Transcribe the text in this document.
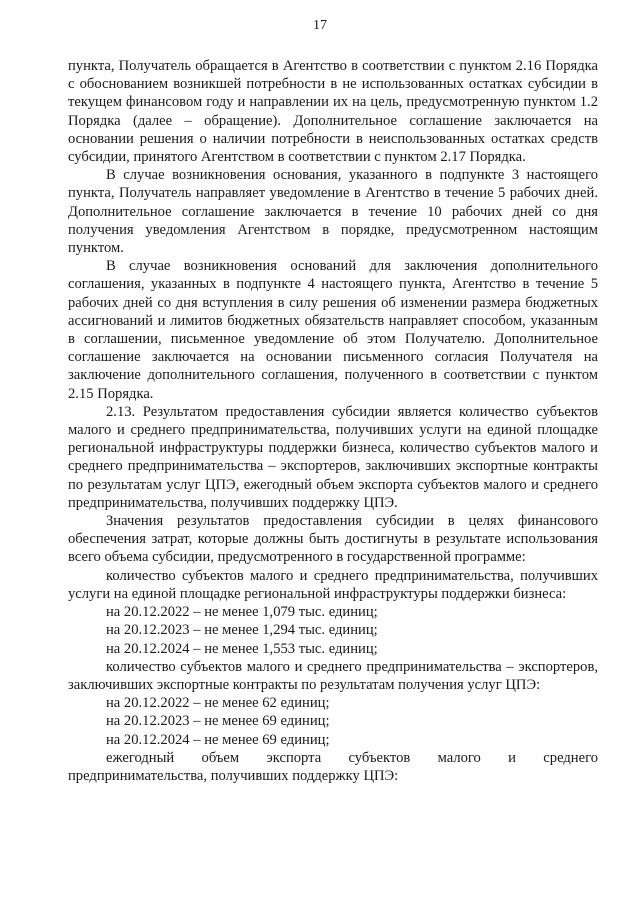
17

пункта, Получатель обращается в Агентство в соответствии с пунктом 2.16 Порядка с обоснованием возникшей потребности в не использованных остатках субсидии в текущем финансовом году и направлении их на цель, предусмотренную пунктом 1.2 Порядка (далее – обращение). Дополнительное соглашение заключается на основании решения о наличии потребности в неиспользованных остатках средств субсидии, принятого Агентством в соответствии с пунктом 2.17 Порядка.

В случае возникновения основания, указанного в подпункте 3 настоящего пункта, Получатель направляет уведомление в Агентство в течение 5 рабочих дней. Дополнительное соглашение заключается в течение 10 рабочих дней со дня получения уведомления Агентством в порядке, предусмотренном настоящим пунктом.

В случае возникновения оснований для заключения дополнительного соглашения, указанных в подпункте 4 настоящего пункта, Агентство в течение 5 рабочих дней со дня вступления в силу решения об изменении размера бюджетных ассигнований и лимитов бюджетных обязательств направляет способом, указанным в соглашении, письменное уведомление об этом Получателю. Дополнительное соглашение заключается на основании письменного согласия Получателя на заключение дополнительного соглашения, полученного в соответствии с пунктом 2.15 Порядка.

2.13. Результатом предоставления субсидии является количество субъектов малого и среднего предпринимательства, получивших услуги на единой площадке региональной инфраструктуры поддержки бизнеса, количество субъектов малого и среднего предпринимательства – экспортеров, заключивших экспортные контракты по результатам услуг ЦПЭ, ежегодный объем экспорта субъектов малого и среднего предпринимательства, получивших поддержку ЦПЭ.

Значения результатов предоставления субсидии в целях финансового обеспечения затрат, которые должны быть достигнуты в результате использования всего объема субсидии, предусмотренного в государственной программе:

количество субъектов малого и среднего предпринимательства, получивших услуги на единой площадке региональной инфраструктуры поддержки бизнеса:

на 20.12.2022 – не менее 1,079 тыс. единиц;

на 20.12.2023 – не менее 1,294 тыс. единиц;

на 20.12.2024 – не менее 1,553 тыс. единиц;

количество субъектов малого и среднего предпринимательства – экспортеров, заключивших экспортные контракты по результатам получения услуг ЦПЭ:

на 20.12.2022 – не менее 62 единиц;

на 20.12.2023 – не менее 69 единиц;

на 20.12.2024 – не менее 69 единиц;

ежегодный объем экспорта субъектов малого и среднего предпринимательства, получивших поддержку ЦПЭ:
